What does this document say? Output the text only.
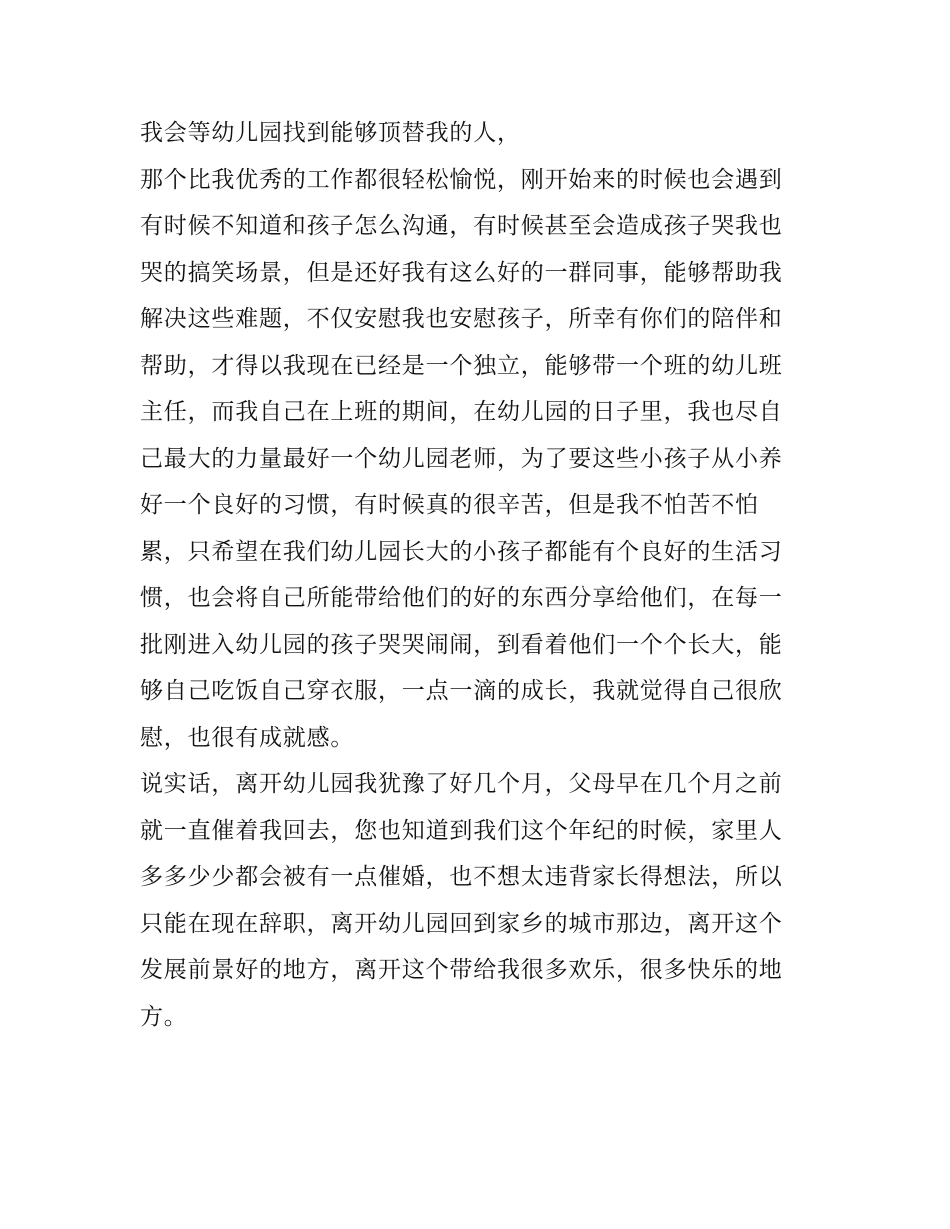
我会等幼儿园找到能够顶替我的人，
那个比我优秀的工作都很轻松愉悦，刚开始来的时候也会遇到
有时候不知道和孩子怎么沟通，有时候甚至会造成孩子哭我也
哭的搞笑场景，但是还好我有这么好的一群同事，能够帮助我
解决这些难题，不仅安慰我也安慰孩子，所幸有你们的陪伴和
帮助，才得以我现在已经是一个独立，能够带一个班的幼儿班
主任，而我自己在上班的期间，在幼儿园的日子里，我也尽自
己最大的力量最好一个幼儿园老师，为了要这些小孩子从小养
好一个良好的习惯，有时候真的很辛苦，但是我不怕苦不怕
累，只希望在我们幼儿园长大的小孩子都能有个良好的生活习
惯，也会将自己所能带给他们的好的东西分享给他们，在每一
批刚进入幼儿园的孩子哭哭闹闹，到看着他们一个个长大，能
够自己吃饭自己穿衣服，一点一滴的成长，我就觉得自己很欣
慰，也很有成就感。
说实话，离开幼儿园我犹豫了好几个月，父母早在几个月之前
就一直催着我回去，您也知道到我们这个年纪的时候，家里人
多多少少都会被有一点催婚，也不想太违背家长得想法，所以
只能在现在辞职，离开幼儿园回到家乡的城市那边，离开这个
发展前景好的地方，离开这个带给我很多欢乐，很多快乐的地
方。
